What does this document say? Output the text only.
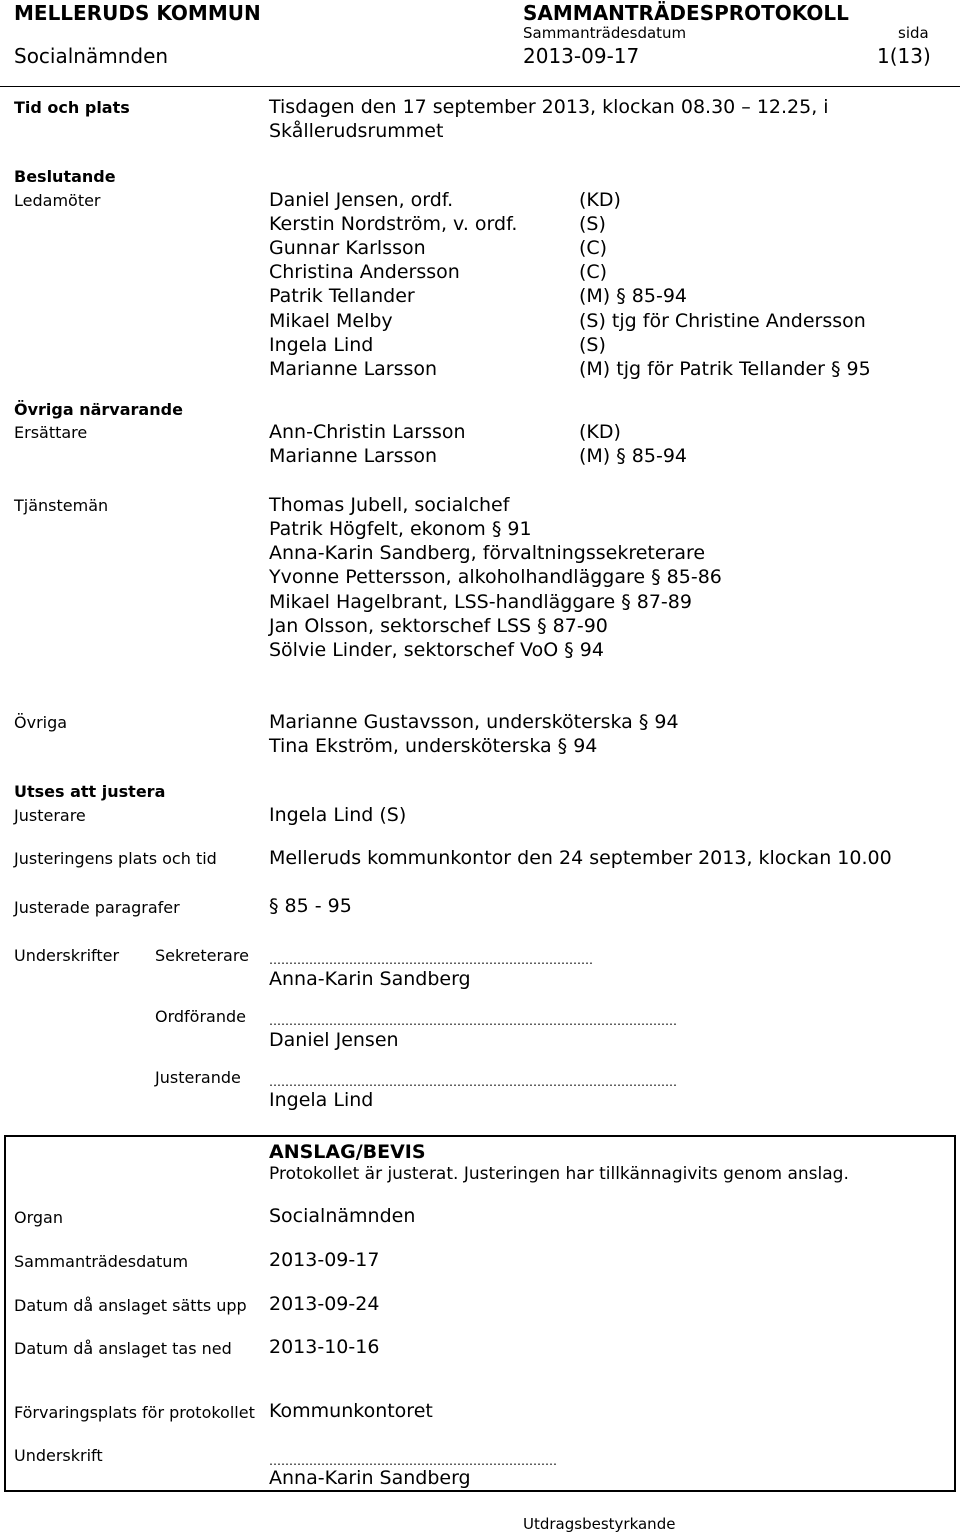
MELLERUDS KOMMUN	SAMMANTRÄDESPROTOKOLL
Sammanträdesdatum	sida
Socialnämnden	2013-09-17	1(13)
Tid och plats	Tisdagen den 17 september 2013, klockan 08.30 – 12.25, i
Skållerudsrummet
Beslutande
Ledamöter	Daniel Jensen, ordf.	(KD)
Kerstin Nordström, v. ordf.	(S)
Gunnar Karlsson	(C)
Christina Andersson	(C)
Patrik Tellander	(M) § 85-94
Mikael Melby	(S) tjg för Christine Andersson
Ingela Lind	(S)
Marianne Larsson	(M) tjg för Patrik Tellander § 95
Övriga närvarande
Ersättare	Ann-Christin Larsson	(KD)
Marianne Larsson	(M) § 85-94
Tjänstemän	Thomas Jubell, socialchef
Patrik Högfelt, ekonom § 91
Anna-Karin Sandberg, förvaltningssekreterare
Yvonne Pettersson, alkoholhandläggare § 85-86
Mikael Hagelbrant, LSS-handläggare § 87-89
Jan Olsson, sektorschef LSS § 87-90
Sölvie Linder, sektorschef VoO § 94
Övriga	Marianne Gustavsson, undersköterska § 94
Tina Ekström, undersköterska § 94
Utses att justera
Justerare	Ingela Lind (S)
Justeringens plats och tid	Melleruds kommunkontor den 24 september 2013, klockan 10.00
Justerade paragrafer	§ 85 - 95
Underskrifter Sekreterare ………………………………………………………………………
Anna-Karin Sandberg
Ordförande …………………………………………………………………………………………
Daniel Jensen
Justerande …………………………………………………………………………………………
Ingela Lind
ANSLAG/BEVIS
Protokollet är justerat. Justeringen har tillkännagivits genom anslag.
Organ	Socialnämnden
Sammanträdesdatum	2013-09-17
Datum då anslaget sätts upp 2013-09-24
Datum då anslaget tas ned 2013-10-16
Förvaringsplats för protokollet Kommunkontoret
Underskrift	………………………………………………………………
Anna-Karin Sandberg
Utdragsbestyrkande
